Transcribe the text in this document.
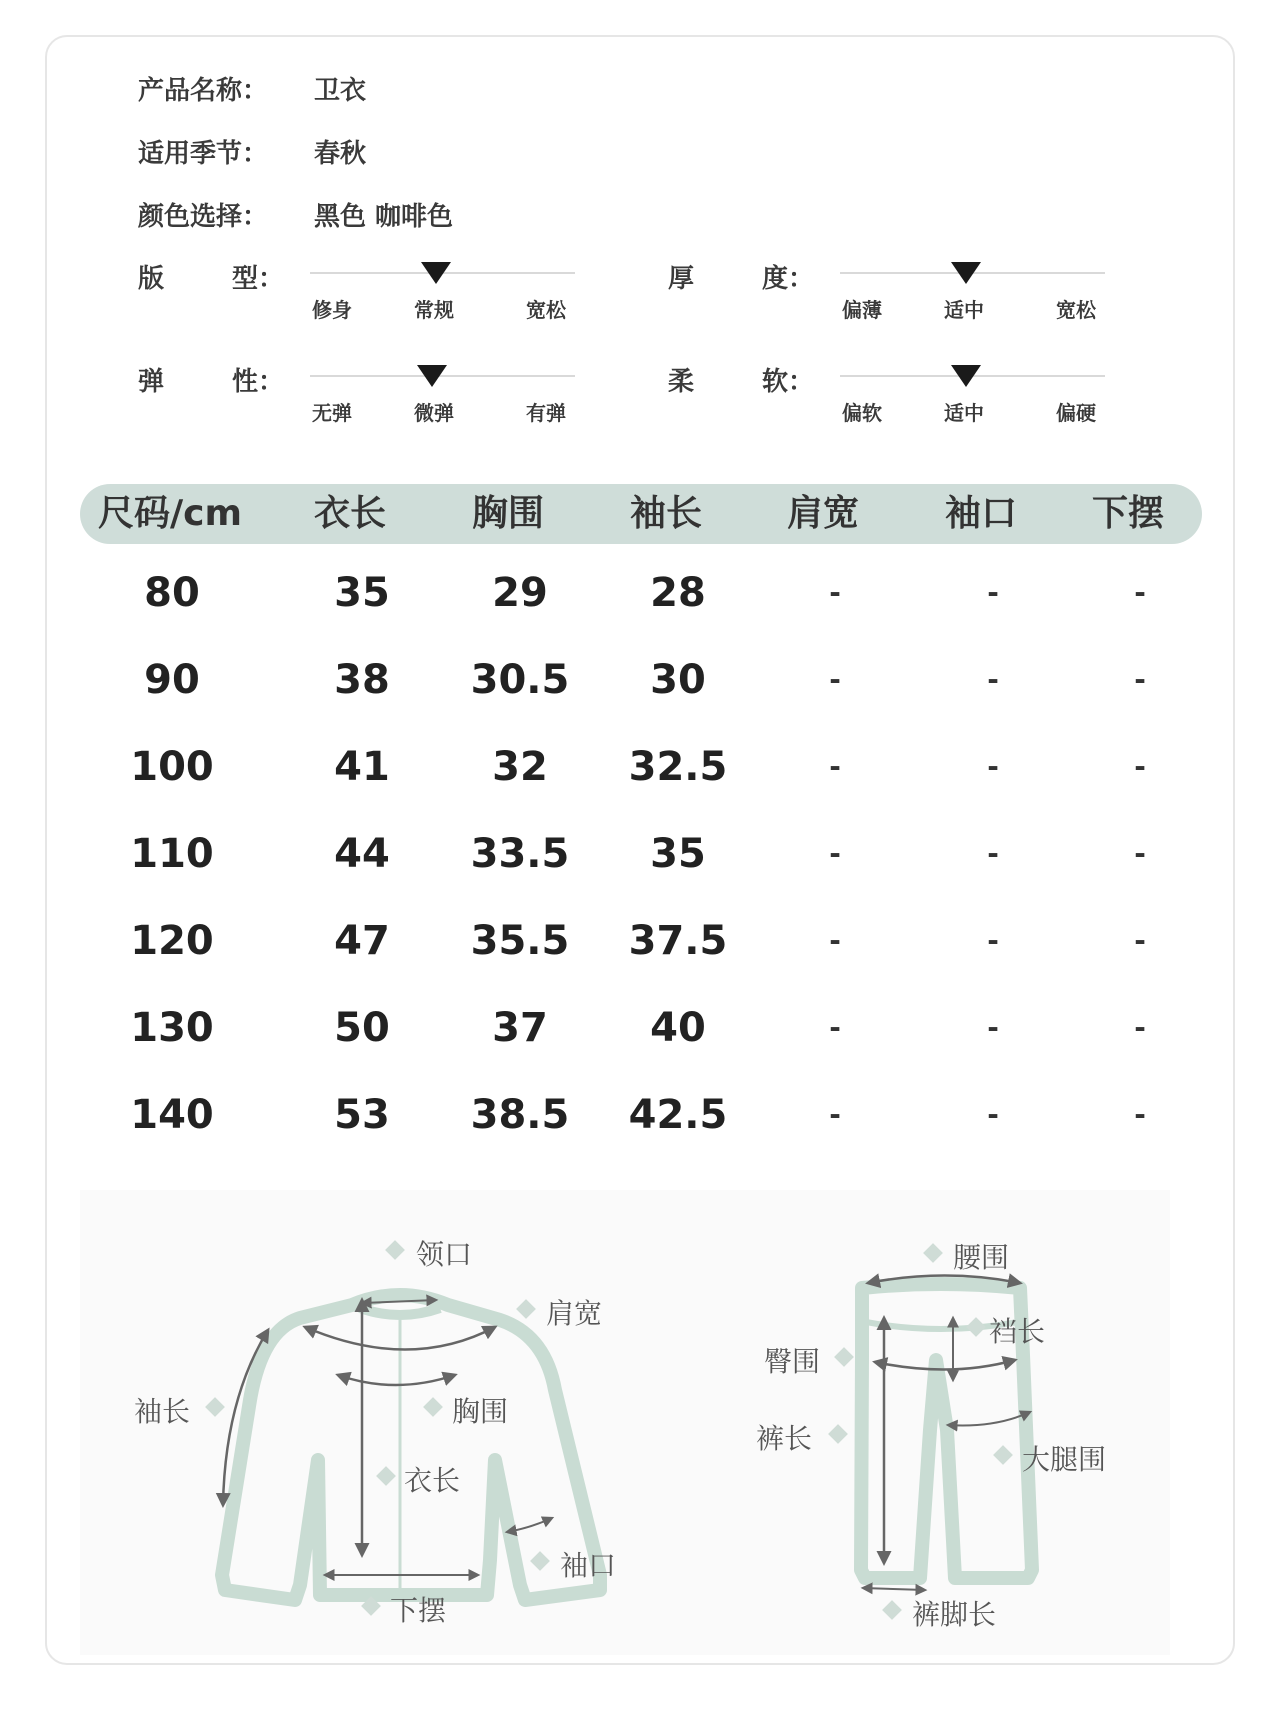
产品名称：	卫衣
适用季节：	春秋
颜色选择：	黑色 咖啡色
版	型：
修身	常规	宽松
厚	度：
偏薄	适中	宽松
弹	性：
无弹	微弹	有弹
柔	软：
偏软	适中	偏硬
尺码/cm	衣长	胸围	袖长	肩宽	袖口	下摆
80	35	29	28	-	-	-
90	38	30.5	30	-	-	-
100	41	32	32.5	-	-	-
110	44	33.5	35	-	-	-
120	47	35.5	37.5	-	-	-
130	50	37	40	-	-	-
140	53	38.5	42.5	-	-	-
领口
肩宽
袖长	胸围
衣长
袖口
下摆
腰围
裆长
臀围
裤长
大腿围
裤脚长
